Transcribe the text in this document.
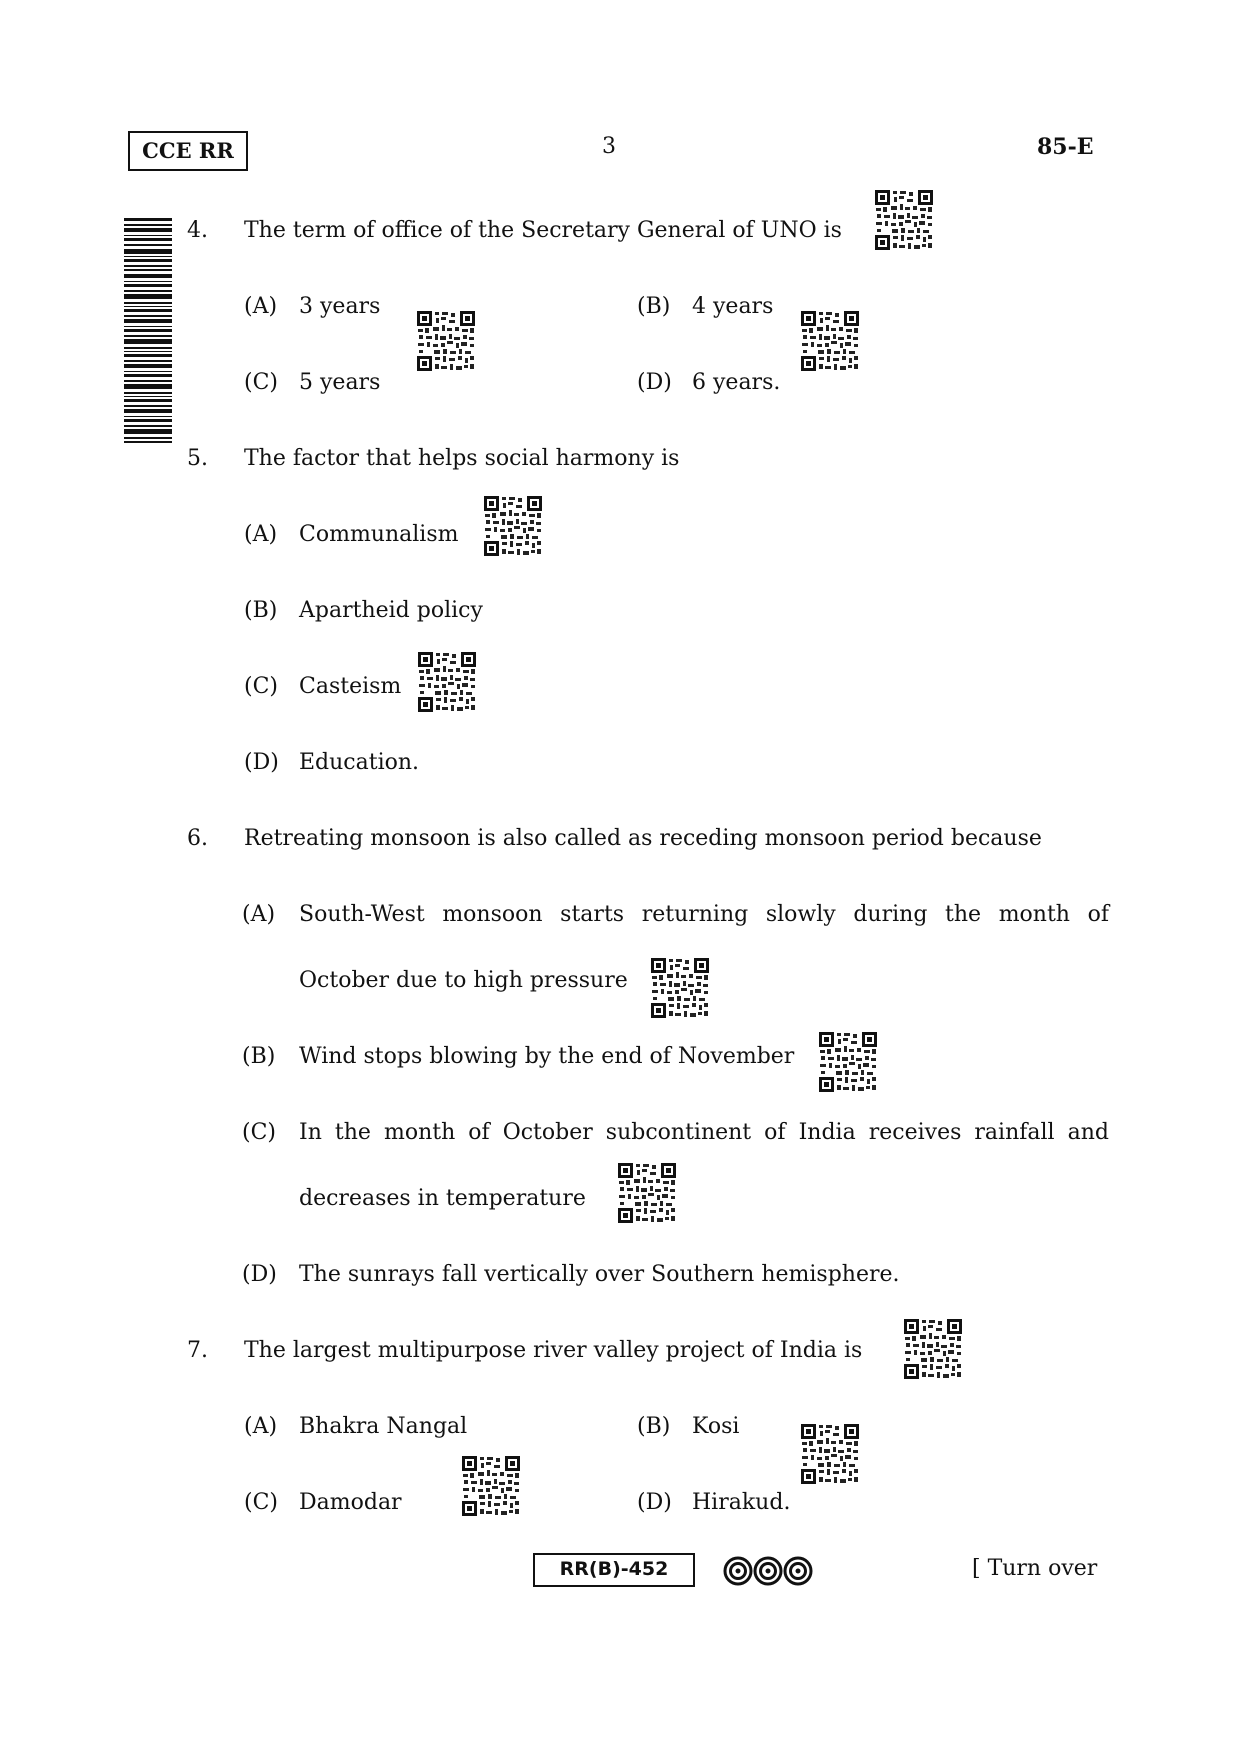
CCE RR	3	85-E
4. The term of office of the Secretary General of UNO is
(A) 3 years	(B) 4 years
(C) 5 years	(D) 6 years.
5. The factor that helps social harmony is
(A) Communalism
(B) Apartheid policy
(C) Casteism
(D) Education.
6. Retreating monsoon is also called as receding monsoon period because
(A) South-West monsoon starts returning slowly during the month of
October due to high pressure
(B) Wind stops blowing by the end of November
(C) In the month of October subcontinent of India receives rainfall and
decreases in temperature
(D) The sunrays fall vertically over Southern hemisphere.
7. The largest multipurpose river valley project of India is
(A) Bhakra Nangal	(B) Kosi
(C) Damodar	(D) Hirakud.
RR(B)-452	[ Turn over
